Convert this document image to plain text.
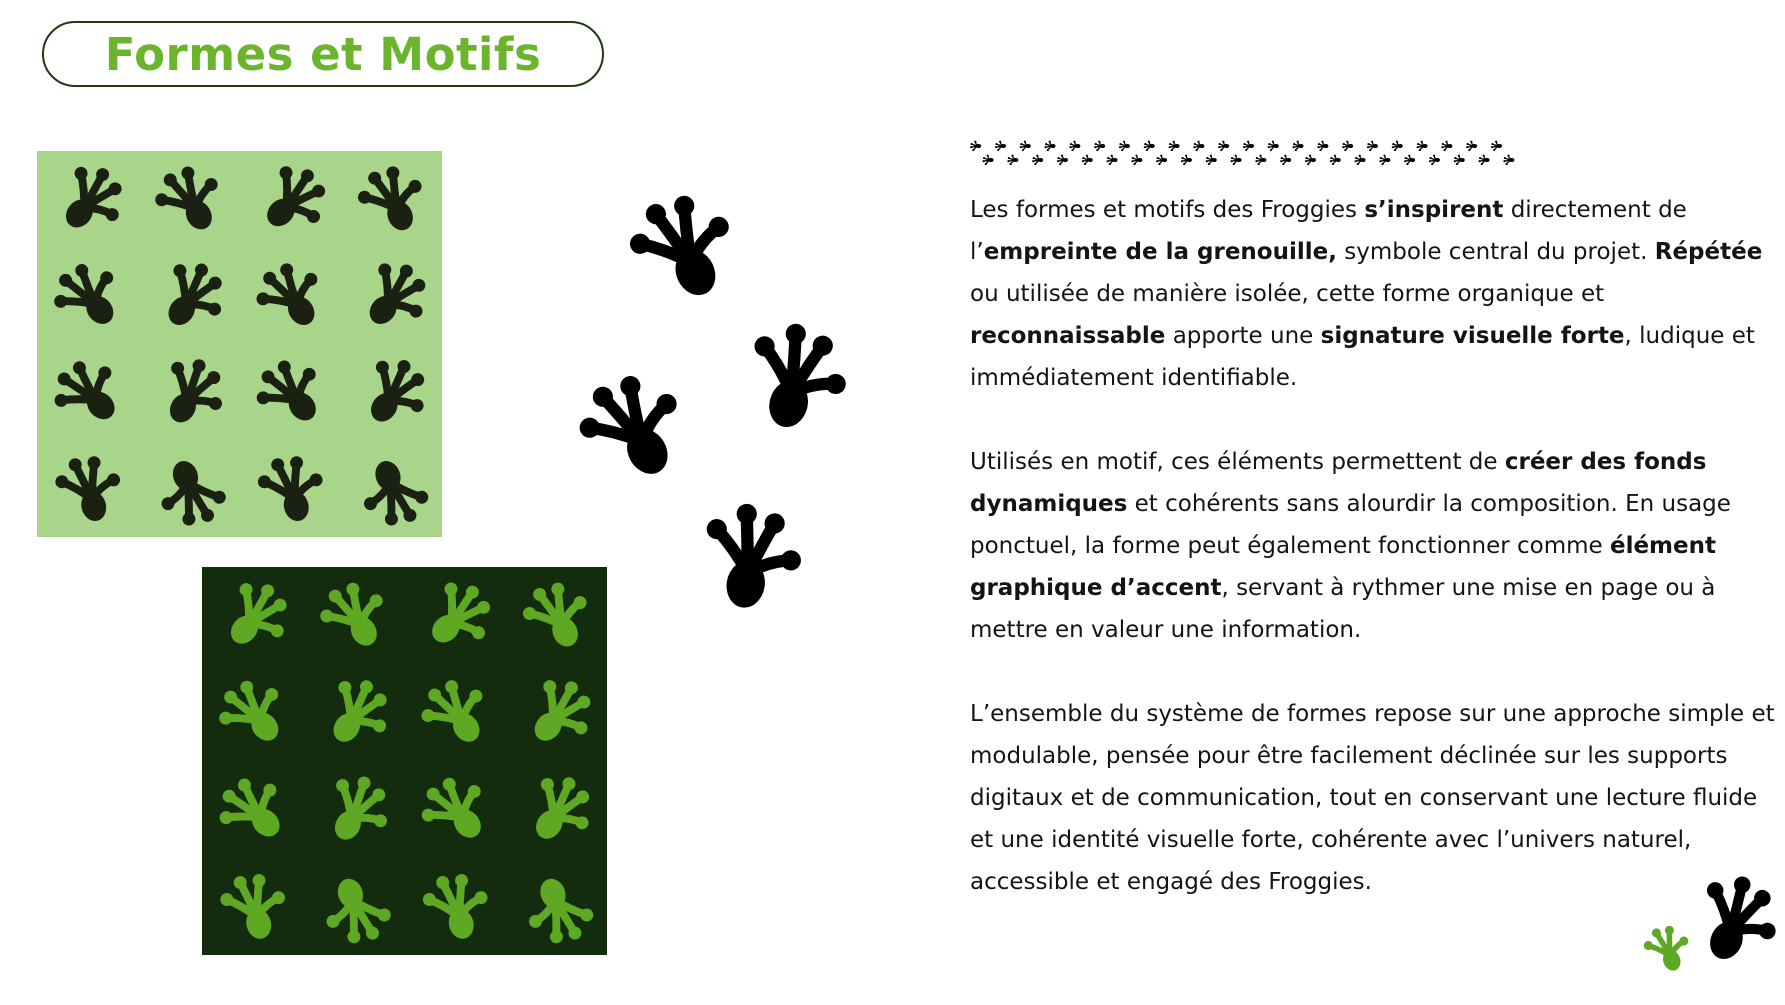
Formes et Motifs

Les formes et motifs des Froggies s’inspirent directement de l’empreinte de la grenouille, symbole central du projet. Répétée ou utilisée de manière isolée, cette forme organique et reconnaissable apporte une signature visuelle forte, ludique et immédiatement identifiable.

Utilisés en motif, ces éléments permettent de créer des fonds dynamiques et cohérents sans alourdir la composition. En usage ponctuel, la forme peut également fonctionner comme élément graphique d’accent, servant à rythmer une mise en page ou à mettre en valeur une information.

L’ensemble du système de formes repose sur une approche simple et modulable, pensée pour être facilement déclinée sur les supports digitaux et de communication, tout en conservant une lecture fluide et une identité visuelle forte, cohérente avec l’univers naturel, accessible et engagé des Froggies.
